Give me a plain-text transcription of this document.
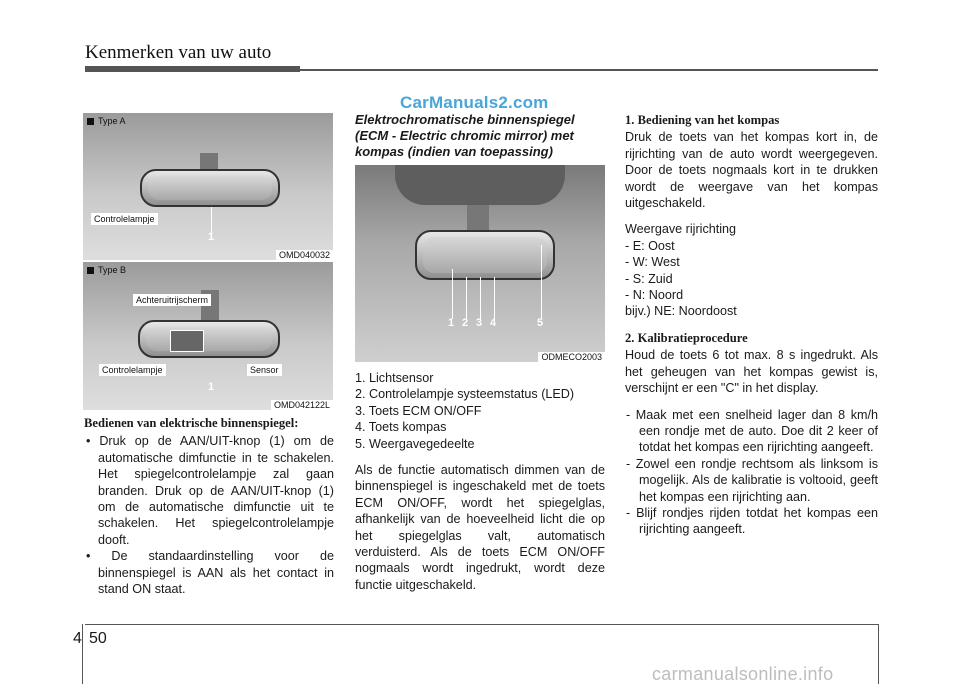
Kenmerken van uw auto
CarManuals2.com
Type A
Controlelampje
1
OMD040032
Type B
Achteruitrijscherm
Controlelampje	Sensor
1
OMD042122L
Bedienen van elektrische binnenspiegel:
• Druk op de AAN/UIT-knop (1) om de automatische dimfunctie in te schakelen. Het spiegelcontrolelampje zal gaan branden. Druk op de AAN/UIT-knop (1) om de automatische dimfunctie uit te schakelen. Het spiegelcontrolelampje dooft.
• De standaardinstelling voor de binnenspiegel is AAN als het contact in stand ON staat.
Elektrochromatische binnenspiegel (ECM - Electric chromic mirror) met kompas (indien van toepassing)
1 2 3 4	5
ODMECO2003
1. Lichtsensor
2. Controlelampje systeemstatus (LED)
3. Toets ECM ON/OFF
4. Toets kompas
5. Weergavegedeelte
Als de functie automatisch dimmen van de binnenspiegel is ingeschakeld met de toets ECM ON/OFF, wordt het spiegelglas, afhankelijk van de hoeveelheid licht die op het spiegelglas valt, automatisch verduisterd. Als de toets ECM ON/OFF nogmaals wordt ingedrukt, wordt deze functie uitgeschakeld.
1. Bediening van het kompas
Druk de toets van het kompas kort in, de rijrichting van de auto wordt weergegeven. Door de toets nogmaals kort in te drukken wordt de weergave van het kompas uitgeschakeld.
Weergave rijrichting
- E: Oost
- W: West
- S: Zuid
- N: Noord
bijv.) NE: Noordoost
2. Kalibratieprocedure
Houd de toets 6 tot max. 8 s ingedrukt. Als het geheugen van het kompas gewist is, verschijnt er een "C" in het display.
- Maak met een snelheid lager dan 8 km/h een rondje met de auto. Doe dit 2 keer of totdat het kompas een rijrichting aangeeft.
- Zowel een rondje rechtsom als linksom is mogelijk. Als de kalibratie is voltooid, geeft het kompas een rijrichting aan.
- Blijf rondjes rijden totdat het kompas een rijrichting aangeeft.
4 50
carmanualsonline.info
